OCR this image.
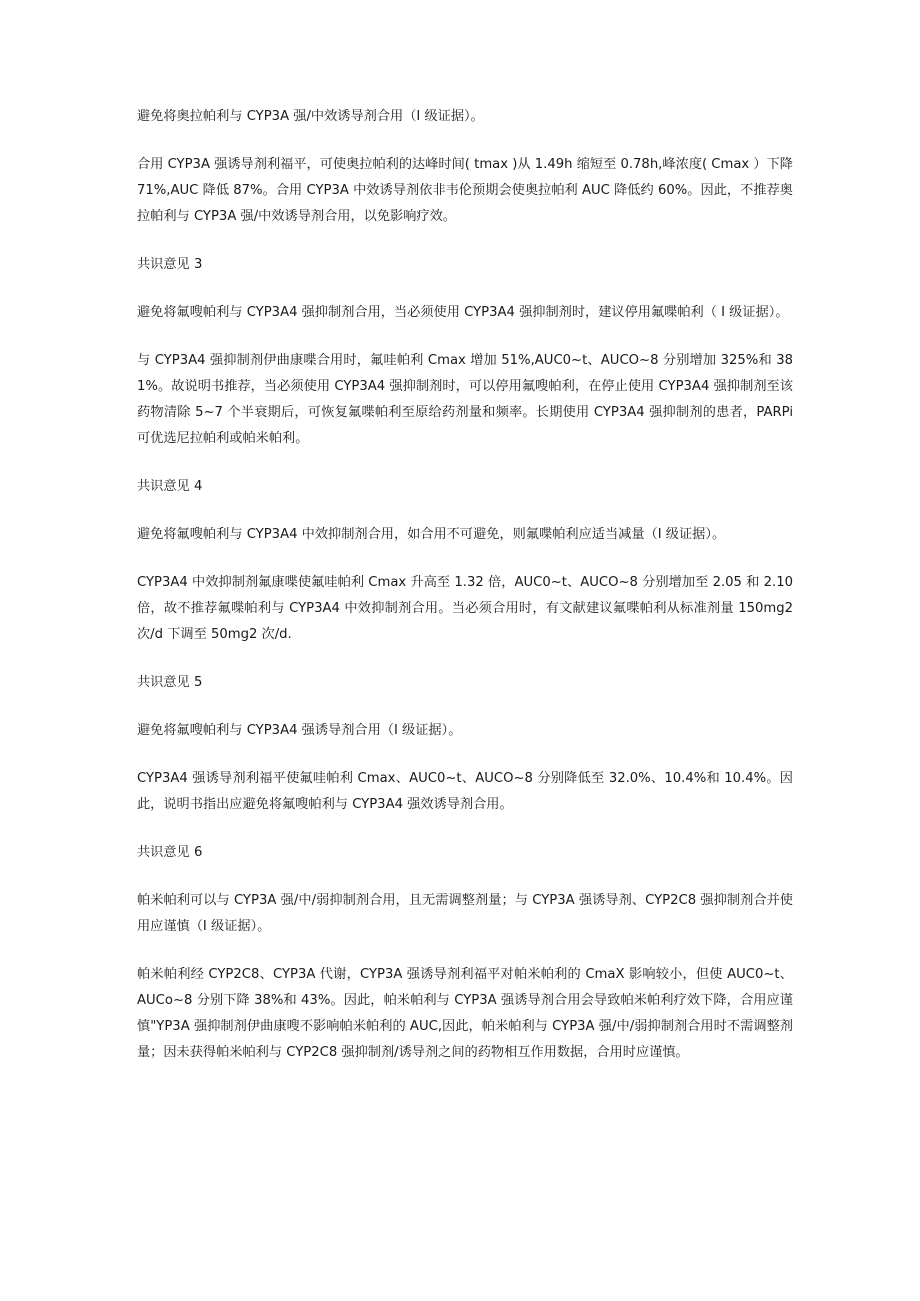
避免将奥拉帕利与 CYP3A 强/中效诱导剂合用（I 级证据）。

合用 CYP3A 强诱导剂利福平，可使奥拉帕利的达峰时间( tmax )从 1.49h 缩短至 0.78h,峰浓度( Cmax ）下降 71%,AUC 降低 87%。合用 CYP3A 中效诱导剂依非韦伦预期会使奥拉帕利 AUC 降低约 60%。因此，不推荐奥拉帕利与 CYP3A 强/中效诱导剂合用，以免影响疗效。

共识意见 3

避免将氟嗖帕利与 CYP3A4 强抑制剂合用，当必须使用 CYP3A4 强抑制剂时，建议停用氟喋帕利（ I 级证据）。

与 CYP3A4 强抑制剂伊曲康喋合用时，氟哇帕利 Cmax 增加 51%,AUC0~t、AUCO~8 分别增加 325%和 381%。故说明书推荐，当必须使用 CYP3A4 强抑制剂时，可以停用氟嗖帕利，在停止使用 CYP3A4 强抑制剂至该药物清除 5~7 个半衰期后，可恢复氟喋帕利至原给药剂量和频率。长期使用 CYP3A4 强抑制剂的患者，PARPi 可优选尼拉帕利或帕米帕利。

共识意见 4

避免将氟嗖帕利与 CYP3A4 中效抑制剂合用，如合用不可避免，则氟喋帕利应适当减量（I 级证据）。

CYP3A4 中效抑制剂氟康喋使氟哇帕利 Cmax 升高至 1.32 倍，AUC0~t、AUCO~8 分别增加至 2.05 和 2.10 倍，故不推荐氟喋帕利与 CYP3A4 中效抑制剂合用。当必须合用时，有文献建议氟喋帕利从标准剂量 150mg2 次/d 下调至 50mg2 次/d.

共识意见 5

避免将氟嗖帕利与 CYP3A4 强诱导剂合用（I 级证据）。

CYP3A4 强诱导剂利福平使氟哇帕利 Cmax、AUC0~t、AUCO~8 分别降低至 32.0%、10.4%和 10.4%。因此，说明书指出应避免将氟嗖帕利与 CYP3A4 强效诱导剂合用。

共识意见 6

帕米帕利可以与 CYP3A 强/中/弱抑制剂合用，且无需调整剂量；与 CYP3A 强诱导剂、CYP2C8 强抑制剂合并使用应谨慎（I 级证据）。

帕米帕利经 CYP2C8、CYP3A 代谢，CYP3A 强诱导剂利福平对帕米帕利的 CmaX 影响较小，但使 AUC0~t、AUCo~8 分别下降 38%和 43%。因此，帕米帕利与 CYP3A 强诱导剂合用会导致帕米帕利疗效下降，合用应谨慎"YP3A 强抑制剂伊曲康嗖不影响帕米帕利的 AUC,因此，帕米帕利与 CYP3A 强/中/弱抑制剂合用时不需调整剂量；因未获得帕米帕利与 CYP2C8 强抑制剂/诱导剂之间的药物相互作用数据，合用时应谨慎。
